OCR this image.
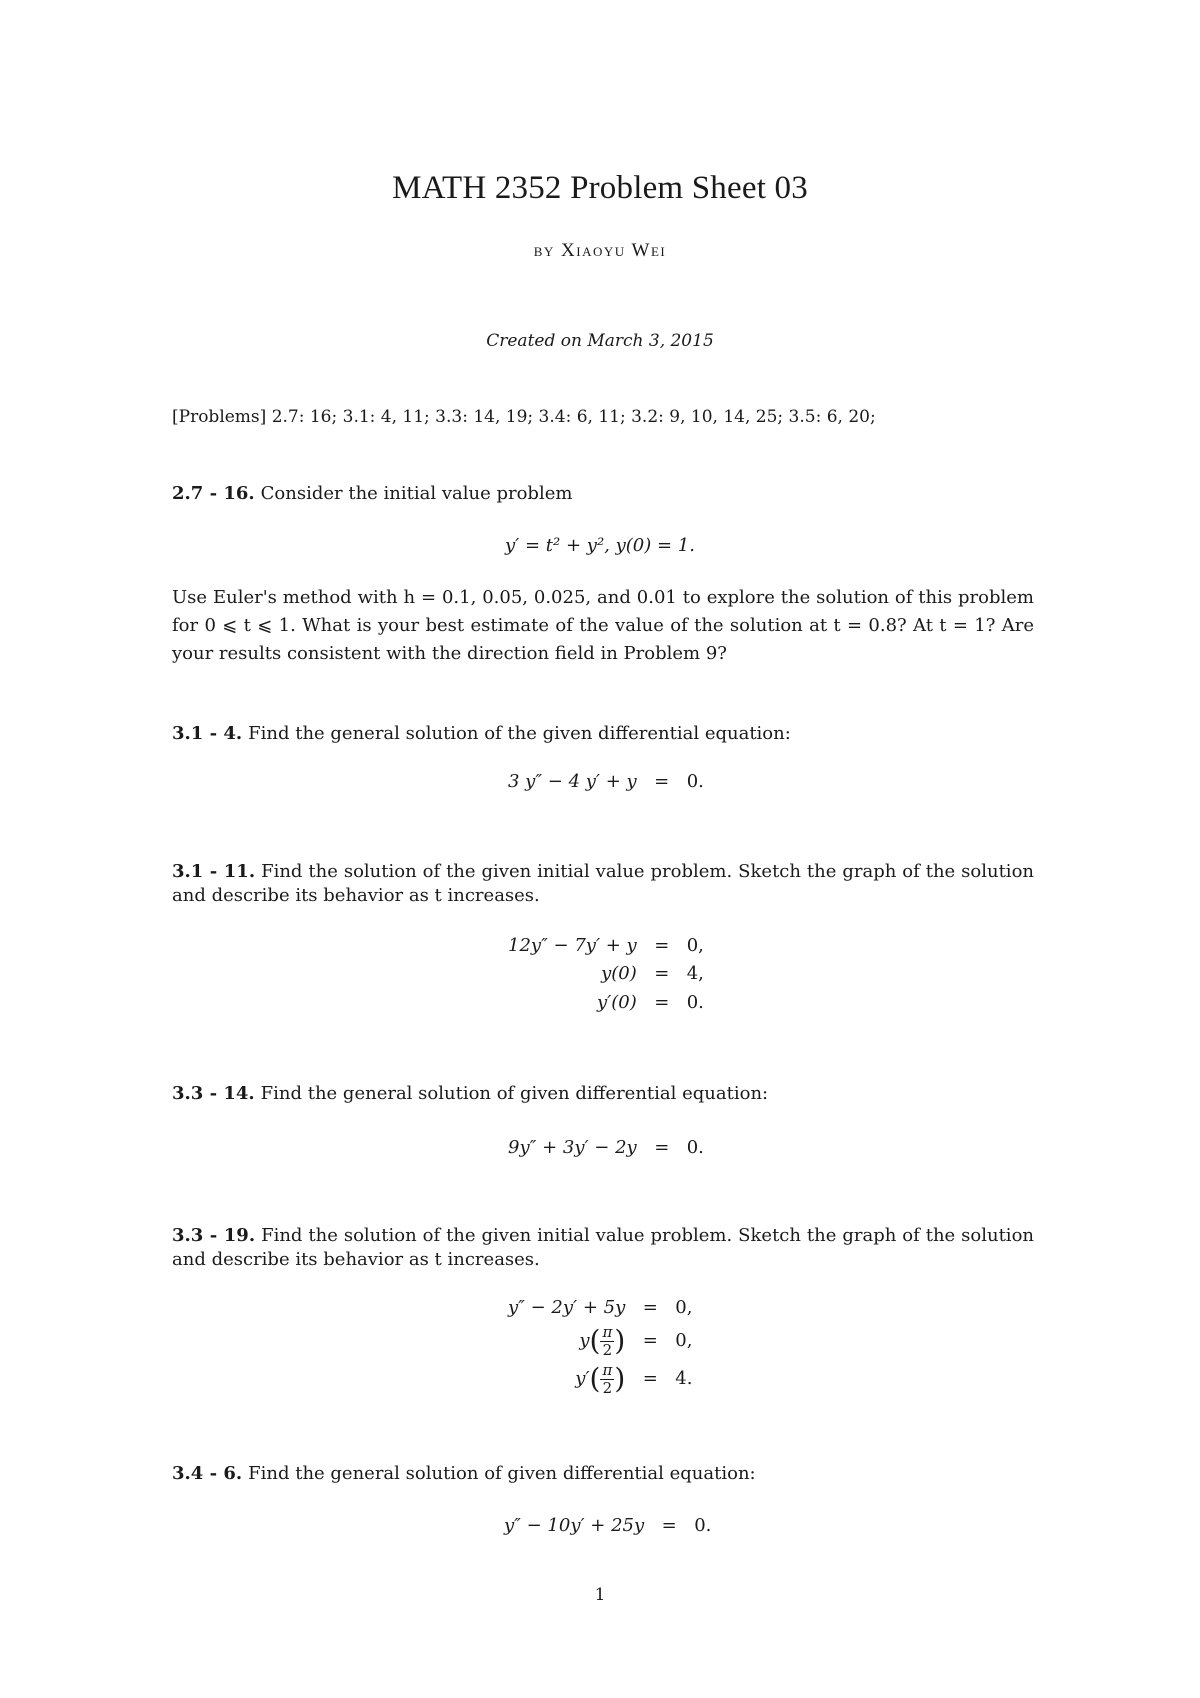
MATH 2352 Problem Sheet 03
by Xiaoyu Wei
Created on March 3, 2015
[Problems] 2.7: 16; 3.1: 4, 11; 3.3: 14, 19; 3.4: 6, 11; 3.2: 9, 10, 14, 25; 3.5: 6, 20;
2.7 - 16. Consider the initial value problem
y′ = t² + y², y(0) = 1.
Use Euler's method with h = 0.1, 0.05, 0.025, and 0.01 to explore the solution of this problem for 0 ⩽ t ⩽ 1. What is your best estimate of the value of the solution at t = 0.8? At t = 1? Are your results consistent with the direction field in Problem 9?
3.1 - 4. Find the general solution of the given differential equation:
3 y″ − 4 y′ + y	=	0.
3.1 - 11. Find the solution of the given initial value problem. Sketch the graph of the solution and describe its behavior as t increases.
12y″ − 7y′ + y	=	0,
y(0)	=	4,
y′(0)	=	0.
3.3 - 14. Find the general solution of given differential equation:
9y″ + 3y′ − 2y	=	0.
3.3 - 19. Find the solution of the given initial value problem. Sketch the graph of the solution and describe its behavior as t increases.
y″ − 2y′ + 5y	=	0,
$y( \frac{\pi}{2}$ )	=	0,
$y'( \frac{\pi}{2}$ )	=	4.
3.4 - 6. Find the general solution of given differential equation:
y″ − 10y′ + 25y	=	0.
1
